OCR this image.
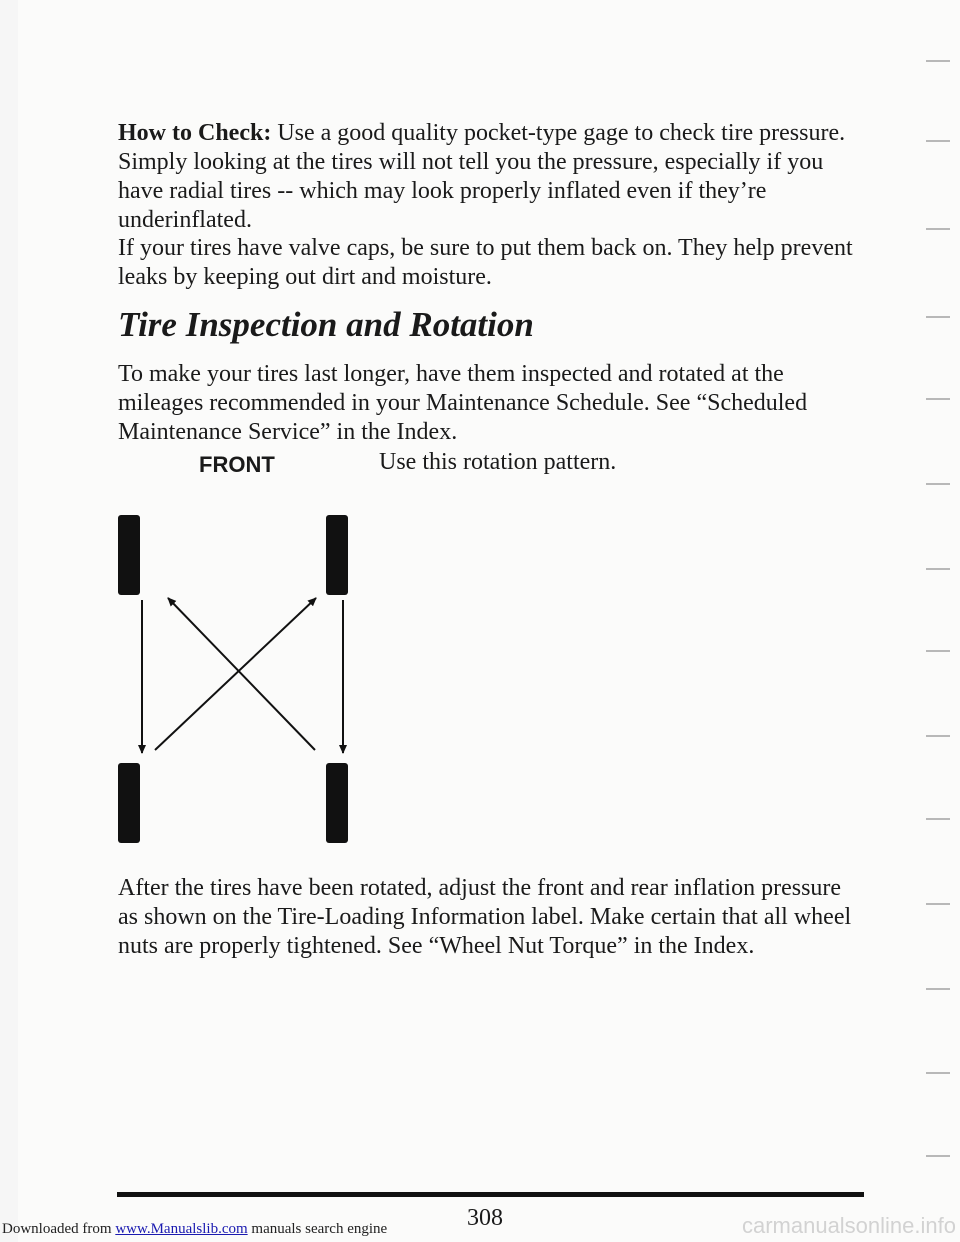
How to Check: Use a good quality pocket-type gage to check tire pressure. Simply looking at the tires will not tell you the pressure, especially if you have radial tires -- which may look properly inflated even if they’re underinflated.

If your tires have valve caps, be sure to put them back on. They help prevent leaks by keeping out dirt and moisture.

Tire Inspection and Rotation

To make your tires last longer, have them inspected and rotated at the mileages recommended in your Maintenance Schedule. See “Scheduled Maintenance Service” in the Index.

FRONT	Use this rotation pattern.

After the tires have been rotated, adjust the front and rear inflation pressure as shown on the Tire-Loading Information label. Make certain that all wheel nuts are properly tightened. See “Wheel Nut Torque” in the Index.

308

Downloaded from www.Manualslib.com manuals search engine	carmanualsonline.info
